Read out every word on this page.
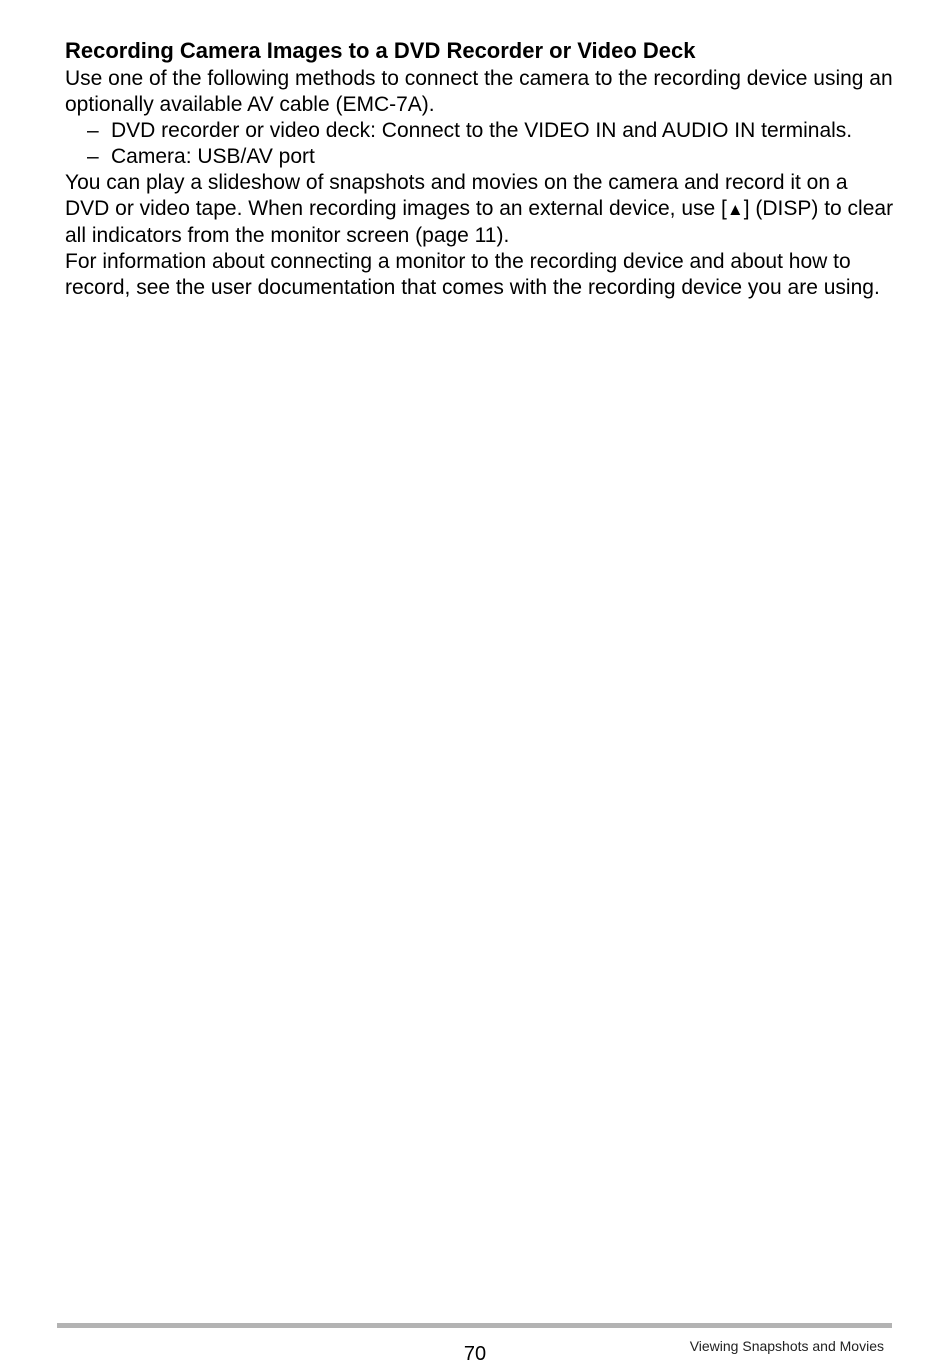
Recording Camera Images to a DVD Recorder or Video Deck

Use one of the following methods to connect the camera to the recording device using an optionally available AV cable (EMC-7A).

– DVD recorder or video deck: Connect to the VIDEO IN and AUDIO IN terminals.
– Camera: USB/AV port

You can play a slideshow of snapshots and movies on the camera and record it on a DVD or video tape. When recording images to an external device, use [▲] (DISP) to clear all indicators from the monitor screen (page 11).

For information about connecting a monitor to the recording device and about how to record, see the user documentation that comes with the recording device you are using.

70	Viewing Snapshots and Movies
